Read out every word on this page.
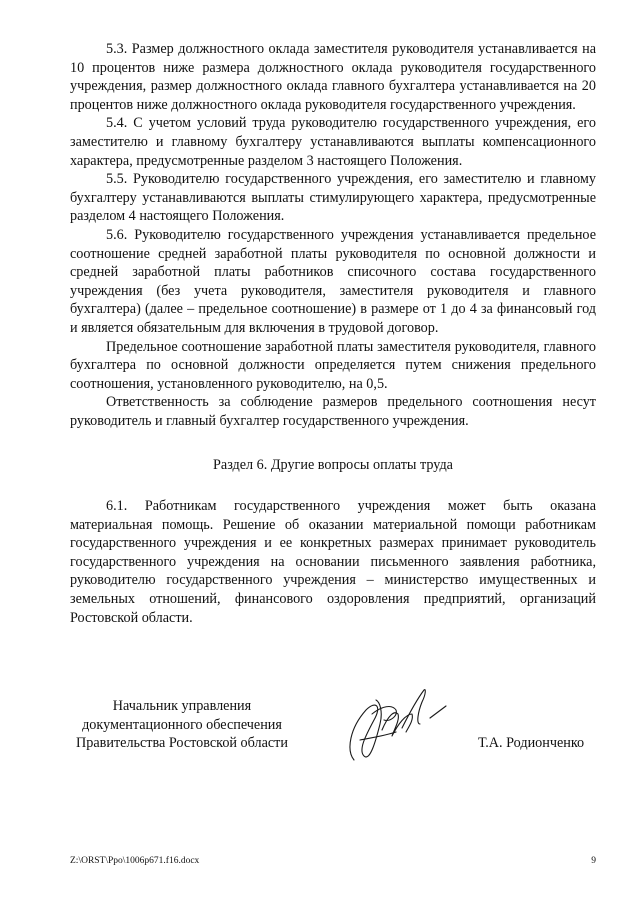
5.3. Размер должностного оклада заместителя руководителя устанавливается на 10 процентов ниже размера должностного оклада руководителя государственного учреждения, размер должностного оклада главного бухгалтера устанавливается на 20 процентов ниже должностного оклада руководителя государственного учреждения.

5.4. С учетом условий труда руководителю государственного учреждения, его заместителю и главному бухгалтеру устанавливаются выплаты компенсационного характера, предусмотренные разделом 3 настоящего Положения.

5.5. Руководителю государственного учреждения, его заместителю и главному бухгалтеру устанавливаются выплаты стимулирующего характера, предусмотренные разделом 4 настоящего Положения.

5.6. Руководителю государственного учреждения устанавливается предельное соотношение средней заработной платы руководителя по основной должности и средней заработной платы работников списочного состава государственного учреждения (без учета руководителя, заместителя руководителя и главного бухгалтера) (далее – предельное соотношение) в размере от 1 до 4 за финансовый год и является обязательным для включения в трудовой договор.

Предельное соотношение заработной платы заместителя руководителя, главного бухгалтера по основной должности определяется путем снижения предельного соотношения, установленного руководителю, на 0,5.

Ответственность за соблюдение размеров предельного соотношения несут руководитель и главный бухгалтер государственного учреждения.

Раздел 6. Другие вопросы оплаты труда

6.1. Работникам государственного учреждения может быть оказана материальная помощь. Решение об оказании материальной помощи работникам государственного учреждения и ее конкретных размерах принимает руководитель государственного учреждения на основании письменного заявления работника, руководителю государственного учреждения – министерство имущественных и земельных отношений, финансового оздоровления предприятий, организаций Ростовской области.

Начальник управления
документационного обеспечения
Правительства Ростовской области	Т.А. Родионченко
Z:\ORST\Ppo\1006p671.f16.docx	9
